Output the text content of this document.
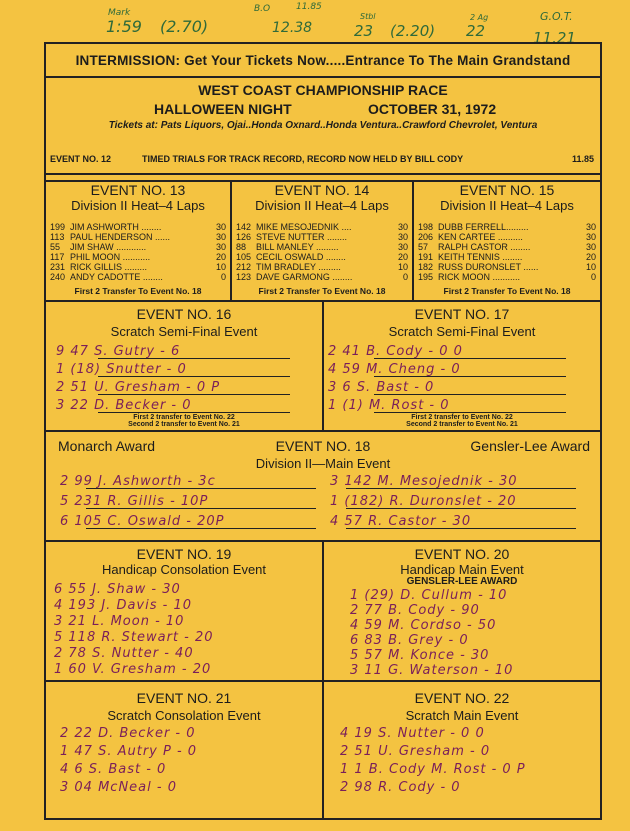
Mark
1:59 (2.70)
B.O	11.85
12.38
Stbl
23 (2.20)
2 Ag
22
G.O.T.
11.21
INTERMISSION: Get Your Tickets Now.....Entrance To The Main Grandstand
WEST COAST CHAMPIONSHIP RACE
HALLOWEEN NIGHT	OCTOBER 31, 1972
Tickets at: Pats Liquors, Ojai..Honda Oxnard..Honda Ventura..Crawford Chevrolet, Ventura
EVENT NO. 12	TIMED TRIALS FOR TRACK RECORD, RECORD NOW HELD BY BILL CODY	11.85
EVENT NO. 13
Division II Heat–4 Laps
199 JIM ASHWORTH ........	30
113 PAUL HENDERSON ......	30
55 JIM SHAW ............	30
117 PHIL MOON ...........	20
231 RICK GILLIS .........	10
240 ANDY CADOTTE ........	0
First 2 Transfer To Event No. 18
EVENT NO. 14
Division II Heat–4 Laps
142 MIKE MESOJEDNIK ....	30
126 STEVE NUTTER ........	30
88 BILL MANLEY .........	30
105 CECIL OSWALD ........	20
212 TIM BRADLEY .........	10
123 DAVE GARMONG ........	0
First 2 Transfer To Event No. 18
EVENT NO. 15
Division II Heat–4 Laps
198 DUBB FERRELL.........	30
206 KEN CARTEE ..........	30
57 RALPH CASTOR ........	30
191 KEITH TENNIS ........	20
182 RUSS DURONSLET ......	10
195 RICK MOON ...........	0
First 2 Transfer To Event No. 18
EVENT NO. 16
Scratch Semi-Final Event
9 47 S. Gutry - 6
1 (18) Snutter - 0
2 51 U. Gresham - 0 P
3 22 D. Becker - 0
First 2 transfer to Event No. 22
Second 2 transfer to Event No. 21
EVENT NO. 17
Scratch Semi-Final Event
2 41 B. Cody - 0 0
4 59 M. Cheng - 0
3 6 S. Bast - 0
1 (1) M. Rost - 0
First 2 transfer to Event No. 22
Second 2 transfer to Event No. 21
Monarch Award	EVENT NO. 18	Gensler-Lee Award
Division II—Main Event
2 99 J. Ashworth - 3c	3 142 M. Mesojednik - 30
5 231 R. Gillis - 10P	1 (182) R. Duronslet - 20
6 105 C. Oswald - 20P	4 57 R. Castor - 30
EVENT NO. 19
Handicap Consolation Event
6 55 J. Shaw - 30
4 193 J. Davis - 10
3 21 L. Moon - 10
5 118 R. Stewart - 20
2 78 S. Nutter - 40
1 60 V. Gresham - 20
EVENT NO. 20
Handicap Main Event
GENSLER-LEE AWARD
1 (29) D. Cullum - 10
2 77 B. Cody - 90
4 59 M. Cordso - 50
6 83 B. Grey - 0
5 57 M. Konce - 30
3 11 G. Waterson - 10
EVENT NO. 21
Scratch Consolation Event
2 22 D. Becker - 0
1 47 S. Autry P - 0
4 6 S. Bast - 0
3 04 McNeal - 0
EVENT NO. 22
Scratch Main Event
4 19 S. Nutter - 0 0
2 51 U. Gresham - 0
1 1 B. Cody M. Rost - 0 P
2 98 R. Cody - 0
